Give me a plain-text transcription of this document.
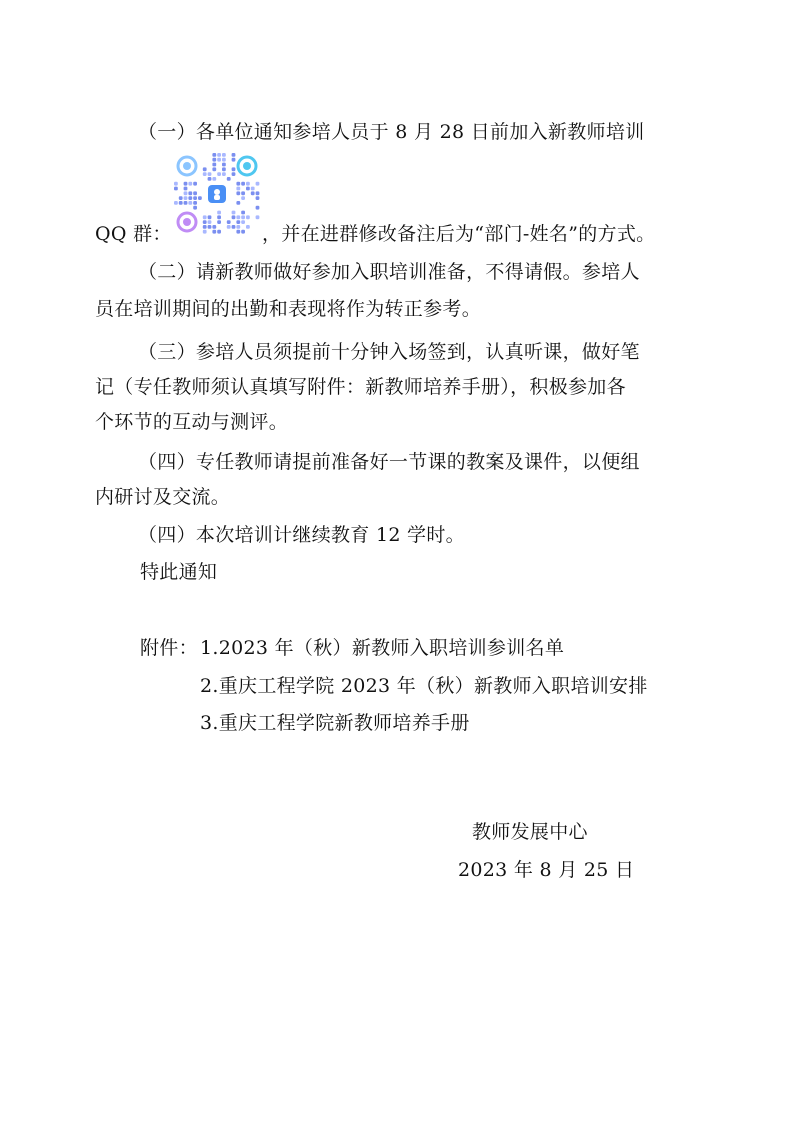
（一）各单位通知参培人员于 8 月 28 日前加入新教师培训
QQ 群：	，并在进群修改备注后为“部门-姓名”的方式。
（二）请新教师做好参加入职培训准备，不得请假。参培人
员在培训期间的出勤和表现将作为转正参考。
（三）参培人员须提前十分钟入场签到，认真听课，做好笔
记（专任教师须认真填写附件：新教师培养手册），积极参加各
个环节的互动与测评。
（四）专任教师请提前准备好一节课的教案及课件，以便组
内研讨及交流。
（四）本次培训计继续教育 12 学时。
特此通知
附件： 1.2023 年（秋）新教师入职培训参训名单
2.重庆工程学院 2023 年（秋）新教师入职培训安排
3.重庆工程学院新教师培养手册
教师发展中心
2023 年 8 月 25 日
